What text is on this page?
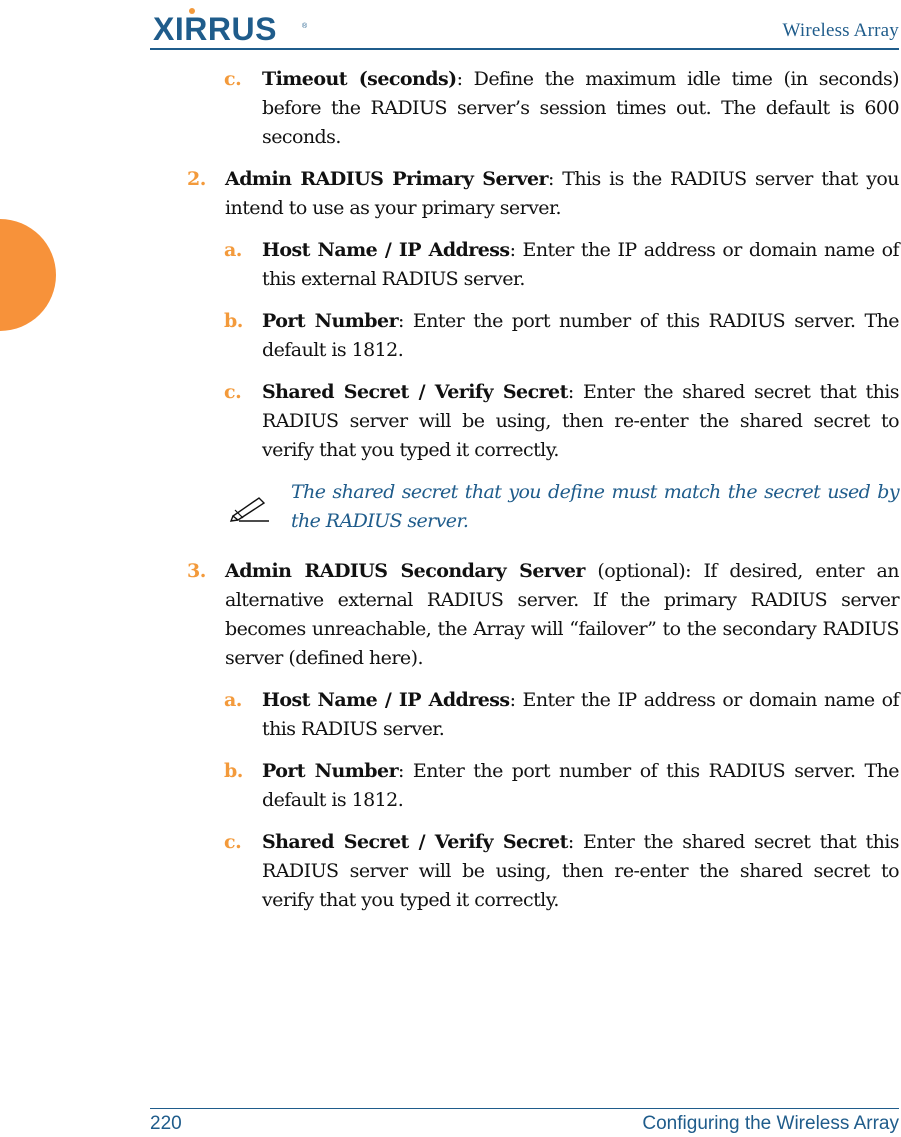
XIRRUS	®	Wireless Array
c. Timeout (seconds): Define the maximum idle time (in seconds) before the RADIUS server’s session times out. The default is 600 seconds.
2. Admin RADIUS Primary Server: This is the RADIUS server that you intend to use as your primary server.
a. Host Name / IP Address: Enter the IP address or domain name of this external RADIUS server.
b. Port Number: Enter the port number of this RADIUS server. The default is 1812.
c. Shared Secret / Verify Secret: Enter the shared secret that this RADIUS server will be using, then re-enter the shared secret to verify that you typed it correctly.
The shared secret that you define must match the secret used by the RADIUS server.
3. Admin RADIUS Secondary Server (optional): If desired, enter an alternative external RADIUS server. If the primary RADIUS server becomes unreachable, the Array will “failover” to the secondary RADIUS server (defined here).
a. Host Name / IP Address: Enter the IP address or domain name of this RADIUS server.
b. Port Number: Enter the port number of this RADIUS server. The default is 1812.
c. Shared Secret / Verify Secret: Enter the shared secret that this RADIUS server will be using, then re-enter the shared secret to verify that you typed it correctly.
220	Configuring the Wireless Array
